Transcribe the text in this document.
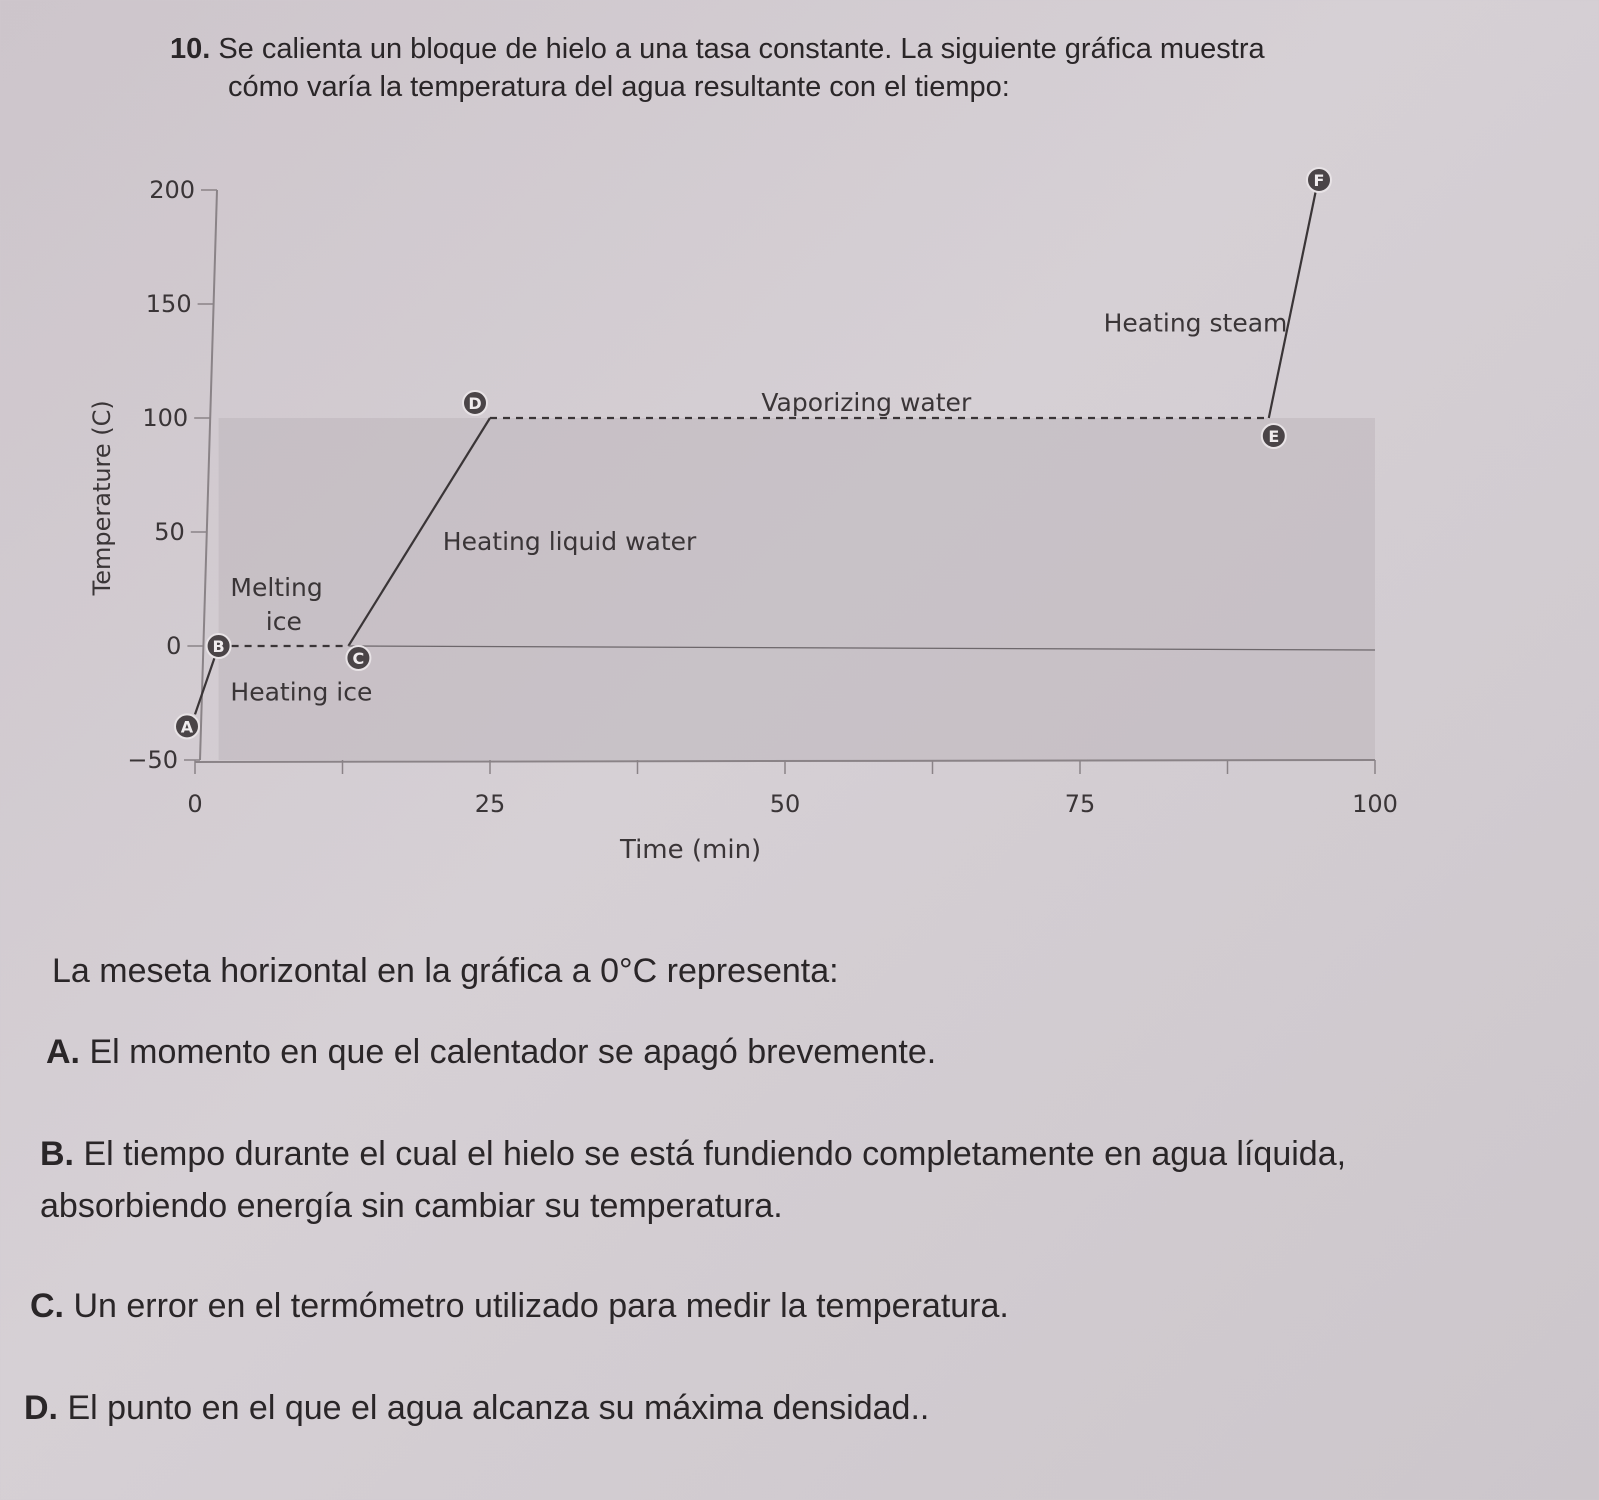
10. Se calienta un bloque de hielo a una tasa constante. La siguiente gráfica muestra
cómo varía la temperatura del agua resultante con el tiempo:
200
150
100
50
0
−50
0	25	50	75	100
Time (min)
Temperature (C)
A
B
C
D
E
F
Heating ice
Melting
ice
Heating liquid water
Vaporizing water
Heating steam
La meseta horizontal en la gráfica a 0°C representa:
A. El momento en que el calentador se apagó brevemente.
B. El tiempo durante el cual el hielo se está fundiendo completamente en agua líquida,
absorbiendo energía sin cambiar su temperatura.
C. Un error en el termómetro utilizado para medir la temperatura.
D. El punto en el que el agua alcanza su máxima densidad..
